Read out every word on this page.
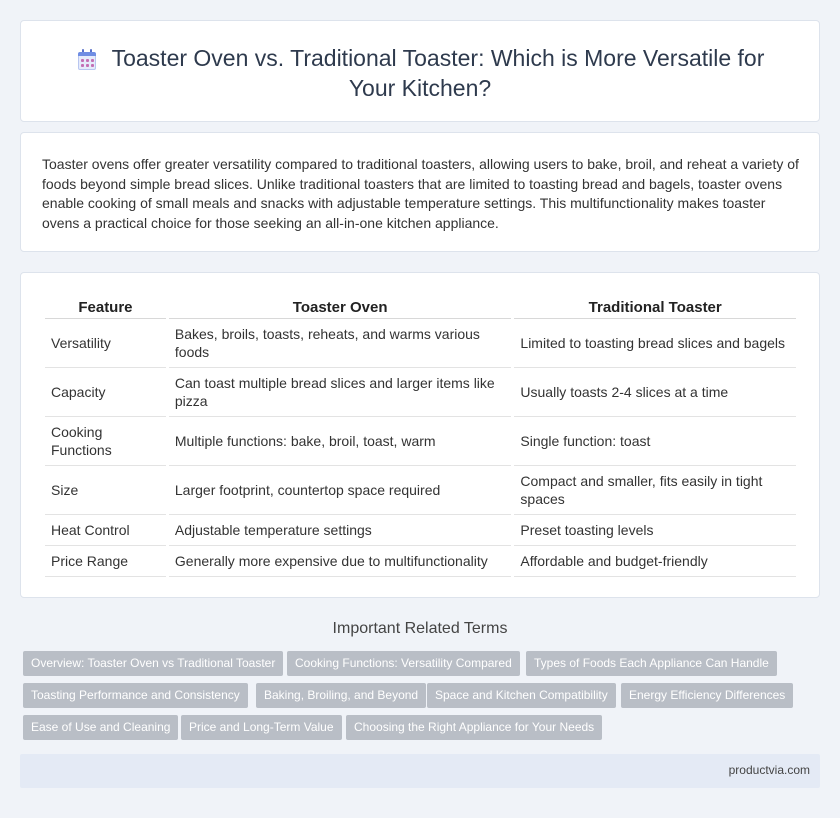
Toaster Oven vs. Traditional Toaster: Which is More Versatile for Your Kitchen?

Toaster ovens offer greater versatility compared to traditional toasters, allowing users to bake, broil, and reheat a variety of foods beyond simple bread slices. Unlike traditional toasters that are limited to toasting bread and bagels, toaster ovens enable cooking of small meals and snacks with adjustable temperature settings. This multifunctionality makes toaster ovens a practical choice for those seeking an all-in-one kitchen appliance.

Feature	Toaster Oven	Traditional Toaster
Versatility	Bakes, broils, toasts, reheats, and warms various foods	Limited to toasting bread slices and bagels
Capacity	Can toast multiple bread slices and larger items like pizza	Usually toasts 2-4 slices at a time
Cooking Functions	Multiple functions: bake, broil, toast, warm	Single function: toast
Size	Larger footprint, countertop space required	Compact and smaller, fits easily in tight spaces
Heat Control	Adjustable temperature settings	Preset toasting levels
Price Range	Generally more expensive due to multifunctionality	Affordable and budget-friendly
Important Related Terms
Overview: Toaster Oven vs Traditional Toaster	Cooking Functions: Versatility Compared	Types of Foods Each Appliance Can Handle
Toasting Performance and Consistency	Baking, Broiling, and Beyond	Space and Kitchen Compatibility	Energy Efficiency Differences
Ease of Use and Cleaning	Price and Long-Term Value	Choosing the Right Appliance for Your Needs
productvia.com
